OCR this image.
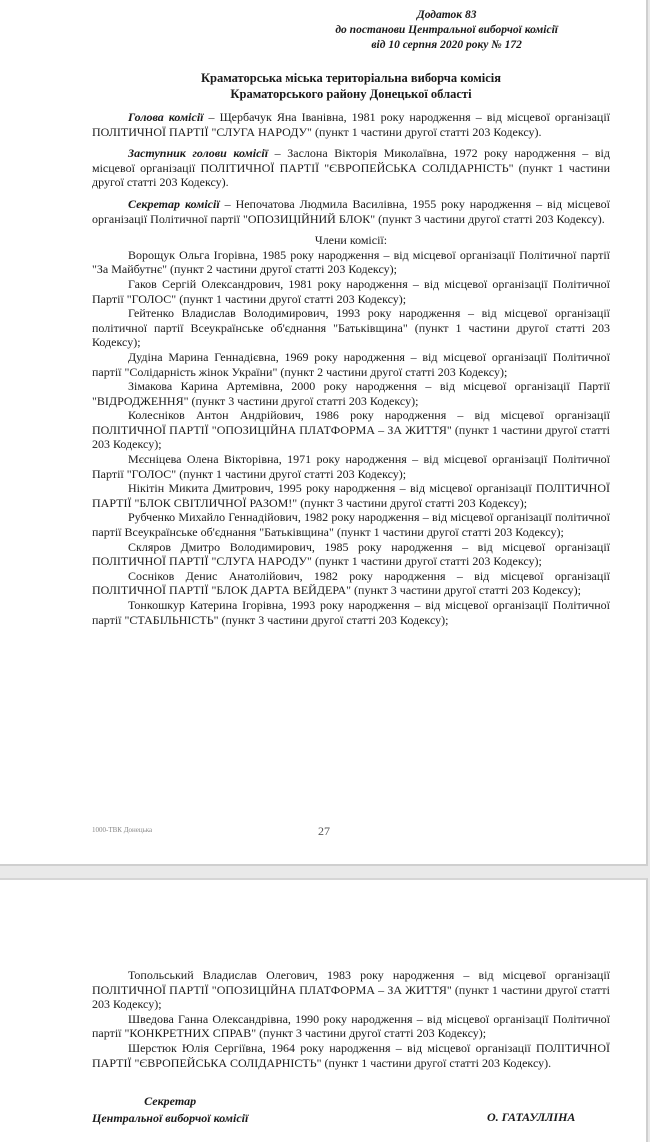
Додаток 83
до постанови Центральної виборчої комісії
від 10 серпня 2020 року № 172
Краматорська міська територіальна виборча комісія
Краматорського району Донецької області

Голова комісії – Щербачук Яна Іванівна, 1981 року народження – від місцевої організації ПОЛІТИЧНОЇ ПАРТІЇ "СЛУГА НАРОДУ" (пункт 1 частини другої статті 203 Кодексу).

Заступник голови комісії – Заслона Вікторія Миколаївна, 1972 року народження – від місцевої організації ПОЛІТИЧНОЇ ПАРТІЇ "ЄВРОПЕЙСЬКА СОЛІДАРНІСТЬ" (пункт 1 частини другої статті 203 Кодексу).

Секретар комісії – Непочатова Людмила Василівна, 1955 року народження – від місцевої організації Політичної партії "ОПОЗИЦІЙНИЙ БЛОК" (пункт 3 частини другої статті 203 Кодексу).

Члени комісії:

Ворощук Ольга Ігорівна, 1985 року народження – від місцевої організації Політичної партії "За Майбутнє" (пункт 2 частини другої статті 203 Кодексу);

Гаков Сергій Олександрович, 1981 року народження – від місцевої організації Політичної Партії "ГОЛОС" (пункт 1 частини другої статті 203 Кодексу);

Гейтенко Владислав Володимирович, 1993 року народження – від місцевої організації політичної партії Всеукраїнське об'єднання "Батьківщина" (пункт 1 частини другої статті 203 Кодексу);

Дудіна Марина Геннадієвна, 1969 року народження – від місцевої організації Політичної партії "Солідарність жінок України" (пункт 2 частини другої статті 203 Кодексу);

Зімакова Карина Артемівна, 2000 року народження – від місцевої організації Партії "ВІДРОДЖЕННЯ" (пункт 3 частини другої статті 203 Кодексу);

Колесніков Антон Андрійович, 1986 року народження – від місцевої організації ПОЛІТИЧНОЇ ПАРТІЇ "ОПОЗИЦІЙНА ПЛАТФОРМА – ЗА ЖИТТЯ" (пункт 1 частини другої статті 203 Кодексу);

Мєсніцева Олена Вікторівна, 1971 року народження – від місцевої організації Політичної Партії "ГОЛОС" (пункт 1 частини другої статті 203 Кодексу);

Нікітін Микита Дмитрович, 1995 року народження – від місцевої організації ПОЛІТИЧНОЇ ПАРТІЇ "БЛОК СВІТЛИЧНОЇ РАЗОМ!" (пункт 3 частини другої статті 203 Кодексу);

Рубченко Михайло Геннадійович, 1982 року народження – від місцевої організації політичної партії Всеукраїнське об'єднання "Батьківщина" (пункт 1 частини другої статті 203 Кодексу);

Скляров Дмитро Володимирович, 1985 року народження – від місцевої організації ПОЛІТИЧНОЇ ПАРТІЇ "СЛУГА НАРОДУ" (пункт 1 частини другої статті 203 Кодексу);

Сосніков Денис Анатолійович, 1982 року народження – від місцевої організації ПОЛІТИЧНОЇ ПАРТІЇ "БЛОК ДАРТА ВЕЙДЕРА" (пункт 3 частини другої статті 203 Кодексу);

Тонкошкур Катерина Ігорівна, 1993 року народження – від місцевої організації Політичної партії "СТАБІЛЬНІСТЬ" (пункт 3 частини другої статті 203 Кодексу);

1000-ТВК Донецька	27

Топольський Владислав Олегович, 1983 року народження – від місцевої організації ПОЛІТИЧНОЇ ПАРТІЇ "ОПОЗИЦІЙНА ПЛАТФОРМА – ЗА ЖИТТЯ" (пункт 1 частини другої статті 203 Кодексу);

Шведова Ганна Олександрівна, 1990 року народження – від місцевої організації Політичної партії "КОНКРЕТНИХ СПРАВ" (пункт 3 частини другої статті 203 Кодексу);

Шерстюк Юлія Сергіївна, 1964 року народження – від місцевої організації ПОЛІТИЧНОЇ ПАРТІЇ "ЄВРОПЕЙСЬКА СОЛІДАРНІСТЬ" (пункт 1 частини другої статті 203 Кодексу).

Секретар
Центральної виборчої комісії	О. ГАТАУЛЛІНА
